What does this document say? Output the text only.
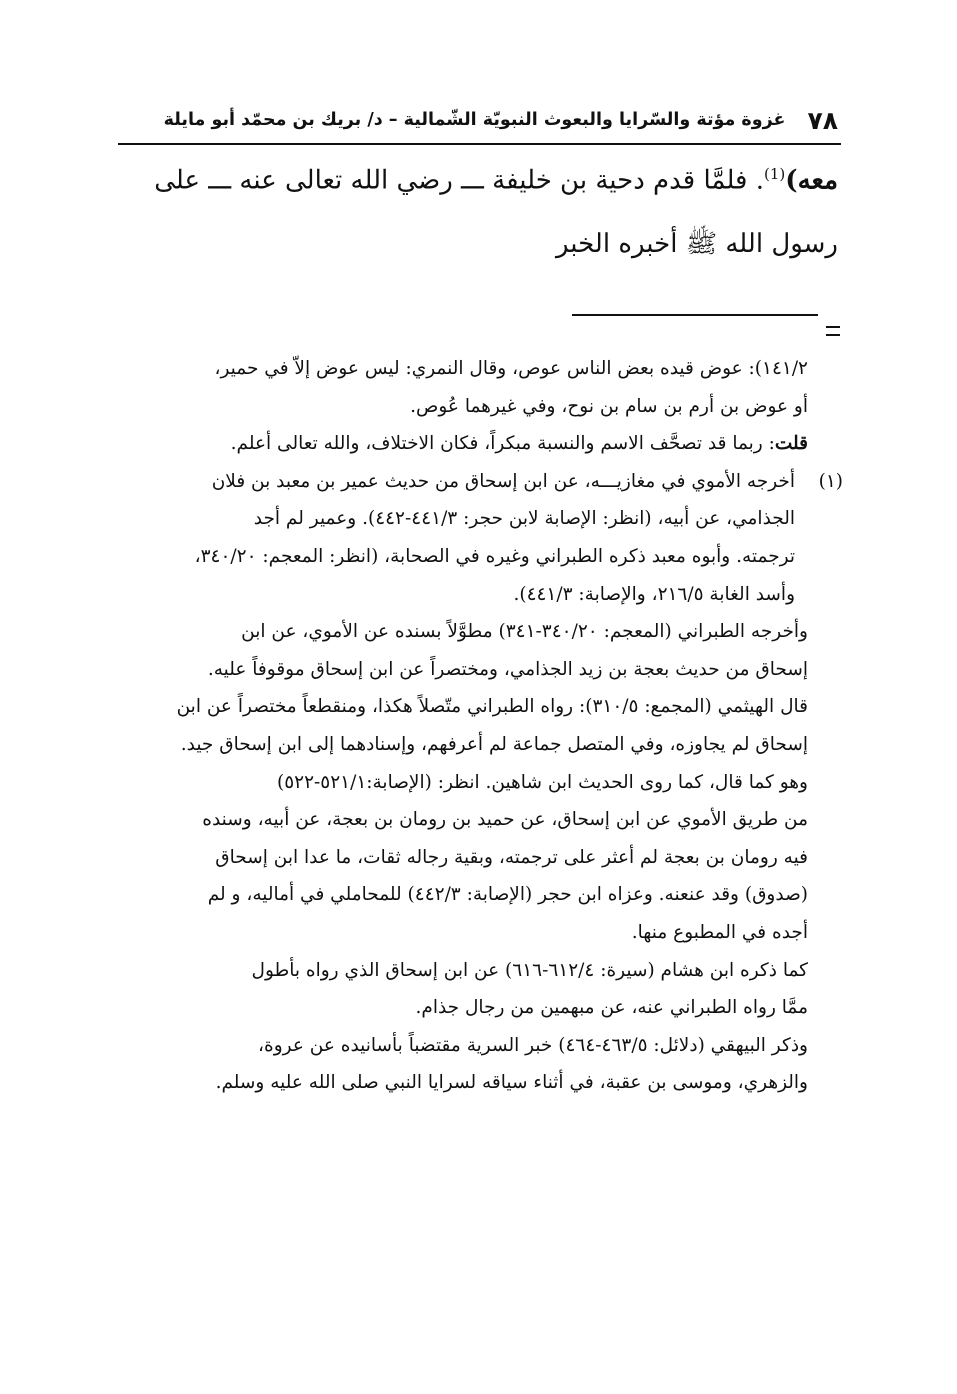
٧٨
غزوة مؤتة والسّرايا والبعوث النبويّة الشّمالية – د/ بريك بن محمّد أبو مايلة
معه)$^{(1)}$. فلمَّا قدم دحية بن خليفة ـــ رضي الله تعالى عنه ـــ على
رسول الله ﷺ أخبره الخبر
١٤١/٢): عوض قيده بعض الناس عوص، وقال النمري: ليس عوض إلاّ في حمير،
أو عوض بن أرم بن سام بن نوح، وفي غيرهما عُوص.
قلت: ربما قد تصحَّف الاسم والنسبة مبكراً، فكان الاختلاف، والله تعالى أعلم.
(١)
أخرجه الأموي في مغازيـــه، عن ابن إسحاق من حديث عمير بن معبد بن فلان
الجذامي، عن أبيه، (انظر: الإصابة لابن حجر: ٤٤١/٣-٤٤٢). وعمير لم أجد
ترجمته. وأبوه معبد ذكره الطبراني وغيره في الصحابة، (انظر: المعجم: ٣٤٠/٢٠،
وأسد الغابة ٢١٦/٥، والإصابة: ٤٤١/٣).
وأخرجه الطبراني (المعجم: ٣٤٠/٢٠-٣٤١) مطوَّلاً بسنده عن الأموي، عن ابن
إسحاق من حديث بعجة بن زيد الجذامي، ومختصراً عن ابن إسحاق موقوفاً عليه.
قال الهيثمي (المجمع: ٣١٠/٥): رواه الطبراني متّصلاً هكذا، ومنقطعاً مختصراً عن ابن
إسحاق لم يجاوزه، وفي المتصل جماعة لم أعرفهم، وإسنادهما إلى ابن إسحاق جيد.
وهو كما قال، كما روى الحديث ابن شاهين. انظر: (الإصابة:٥٢١/١-٥٢٢)
من طريق الأموي عن ابن إسحاق، عن حميد بن رومان بن بعجة، عن أبيه، وسنده
فيه رومان بن بعجة لم أعثر على ترجمته، وبقية رجاله ثقات، ما عدا ابن إسحاق
(صدوق) وقد عنعنه. وعزاه ابن حجر (الإصابة: ٤٤٢/٣) للمحاملي في أماليه، و لم
أجده في المطبوع منها.
كما ذكره ابن هشام (سيرة: ٦١٢/٤-٦١٦) عن ابن إسحاق الذي رواه بأطول
ممَّا رواه الطبراني عنه، عن مبهمين من رجال جذام.
وذكر البيهقي (دلائل: ٤٦٣/٥-٤٦٤) خبر السرية مقتضباً بأسانيده عن عروة،
والزهري، وموسى بن عقبة، في أثناء سياقه لسرايا النبي صلى الله عليه وسلم.
